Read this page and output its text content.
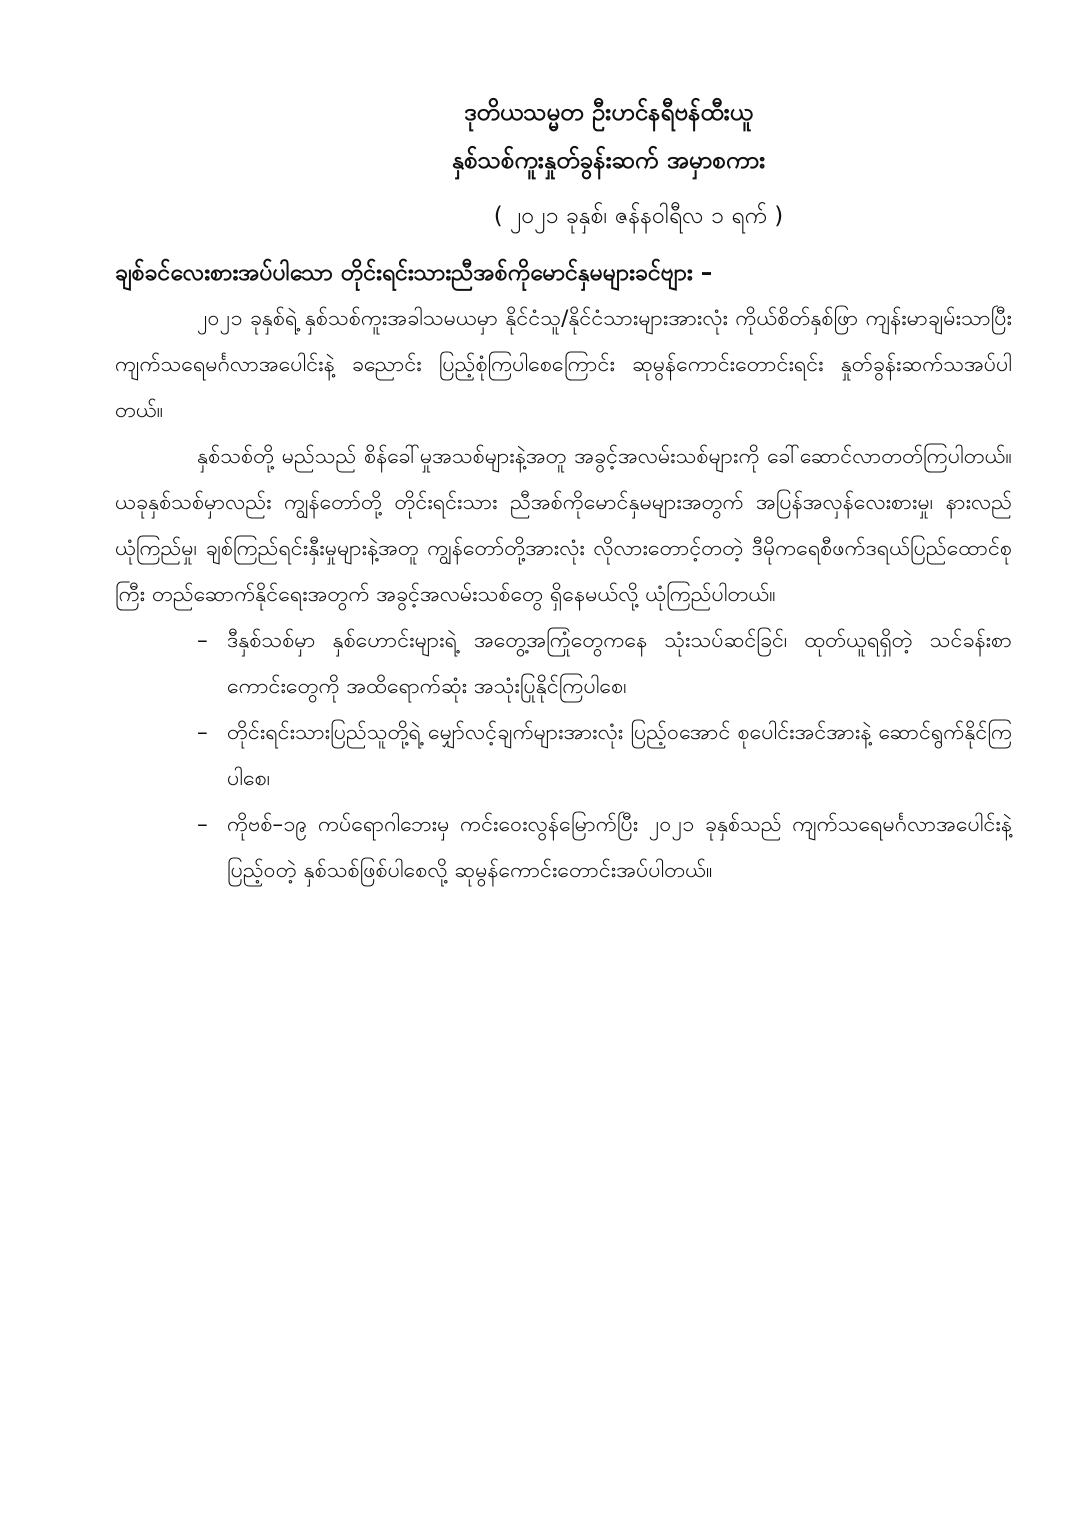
ဒုတိယသမ္မတ ဦးဟင်နရီဗန်ထီးယူ

နှစ်သစ်ကူးနှုတ်ခွန်းဆက် အမှာစကား

( ၂၀၂၁ ခုနှစ်၊ ဇန်နဝါရီလ ၁ ရက် )

ချစ်ခင်လေးစားအပ်ပါသော တိုင်းရင်းသားညီအစ်ကိုမောင်နှမများခင်ဗျား –

၂၀၂၁ ခုနှစ်ရဲ့ နှစ်သစ်ကူးအခါသမယမှာ နိုင်ငံသူ/နိုင်ငံသားများအားလုံး ကိုယ်စိတ်နှစ်ဖြာ ကျန်းမာချမ်းသာပြီး ကျက်သရေမင်္ဂလာအပေါင်းနဲ့ ခညောင်း ပြည့်စုံကြပါစေကြောင်း ဆုမွန်ကောင်းတောင်းရင်း နှုတ်ခွန်းဆက်သအပ်ပါတယ်။

နှစ်သစ်တို့ မည်သည် စိန်ခေါ်မှုအသစ်များနဲ့အတူ အခွင့်အလမ်းသစ်များကို ခေါ်ဆောင်လာတတ်ကြပါတယ်။ ယခုနှစ်သစ်မှာလည်း ကျွန်တော်တို့ တိုင်းရင်းသား ညီအစ်ကိုမောင်နှမများအတွက် အပြန်အလှန်လေးစားမှု၊ နားလည်ယုံကြည်မှု၊ ချစ်ကြည်ရင်းနှီးမှုများနဲ့အတူ ကျွန်တော်တို့အားလုံး လိုလားတောင့်တတဲ့ ဒီမိုကရေစီဖက်ဒရယ်ပြည်ထောင်စုကြီး တည်ဆောက်နိုင်ရေးအတွက် အခွင့်အလမ်းသစ်တွေ ရှိနေမယ်လို့ ယုံကြည်ပါတယ်။

– ဒီနှစ်သစ်မှာ နှစ်ဟောင်းများရဲ့ အတွေ့အကြုံတွေကနေ သုံးသပ်ဆင်ခြင်၊ ထုတ်ယူရရှိတဲ့ သင်ခန်းစာကောင်းတွေကို အထိရောက်ဆုံး အသုံးပြုနိုင်ကြပါစေ၊
– တိုင်းရင်းသားပြည်သူတို့ရဲ့ မျှော်လင့်ချက်များအားလုံး ပြည့်ဝအောင် စုပေါင်းအင်အားနဲ့ ဆောင်ရွက်နိုင်ကြပါစေ၊
– ကိုဗစ်–၁၉ ကပ်ရောဂါဘေးမှ ကင်းဝေးလွန်မြောက်ပြီး ၂၀၂၁ ခုနှစ်သည် ကျက်သရေမင်္ဂလာအပေါင်းနဲ့ ပြည့်ဝတဲ့ နှစ်သစ်ဖြစ်ပါစေလို့ ဆုမွန်ကောင်းတောင်းအပ်ပါတယ်။
